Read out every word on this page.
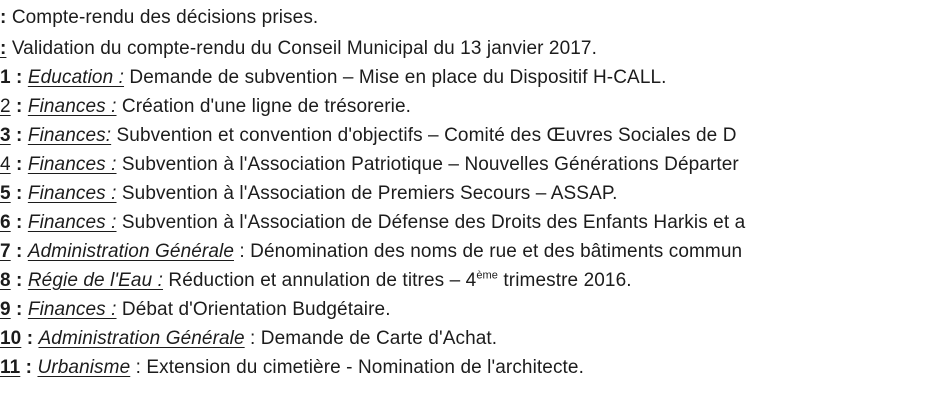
: Compte-rendu des décisions prises.
: Validation du compte-rendu du Conseil Municipal du 13 janvier 2017.
1 : Education : Demande de subvention – Mise en place du Dispositif H-CALL.
2 : Finances : Création d'une ligne de trésorerie.
3 : Finances: Subvention et convention d'objectifs – Comité des Œuvres Sociales de D
4 : Finances : Subvention à l'Association Patriotique – Nouvelles Générations Départer
5 : Finances : Subvention à l'Association de Premiers Secours – ASSAP.
6 : Finances : Subvention à l'Association de Défense des Droits des Enfants Harkis et a
7 : Administration Générale : Dénomination des noms de rue et des bâtiments commun
8 : Régie de l'Eau : Réduction et annulation de titres – 4ème trimestre 2016.
9 : Finances : Débat d'Orientation Budgétaire.
10 : Administration Générale : Demande de Carte d'Achat.
11 : Urbanisme : Extension du cimetière - Nomination de l'architecte.
